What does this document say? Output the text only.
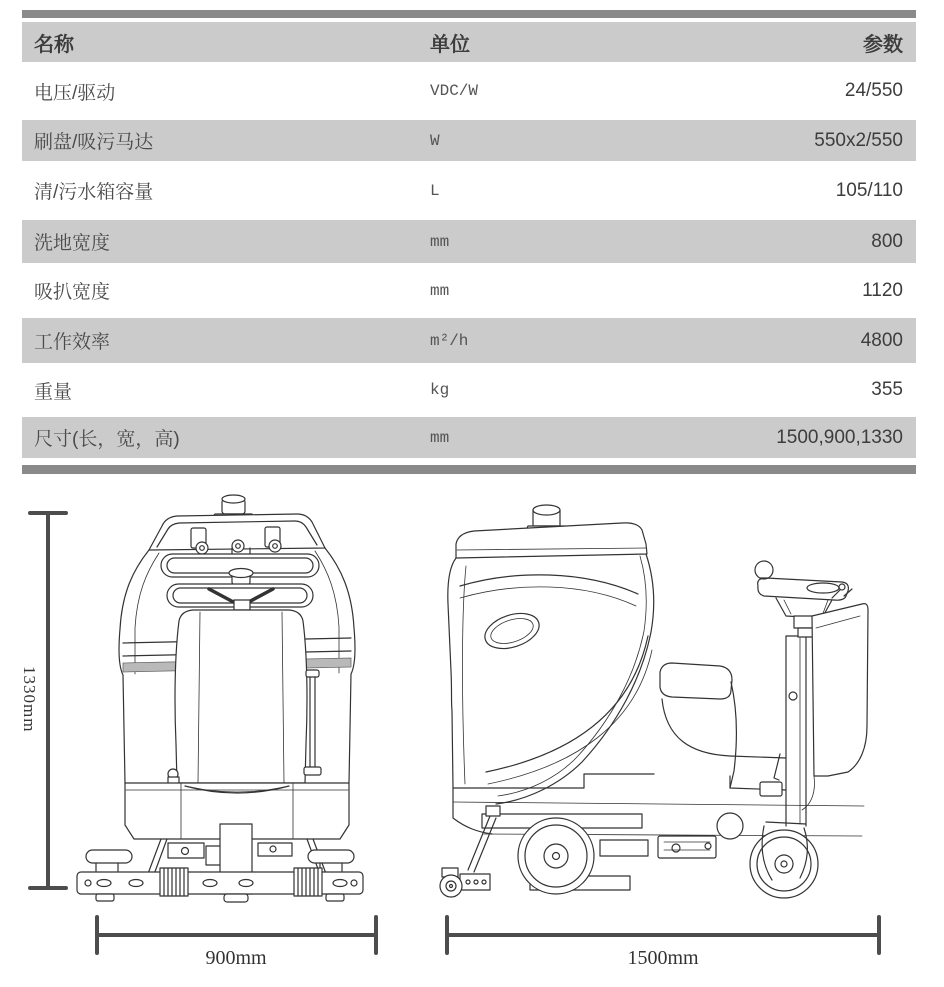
名称	单位	参数
电压/驱动	VDC/W	24/550
刷盘/吸污马达	W	550x2/550
清/污水箱容量	L	105/110
洗地宽度	mm	800
吸扒宽度	mm	1120
工作效率	m²/h	4800
重量	kg	355
尺寸(长，宽，高)	mm	1500,900,1330
1330mm
900mm	1500mm
